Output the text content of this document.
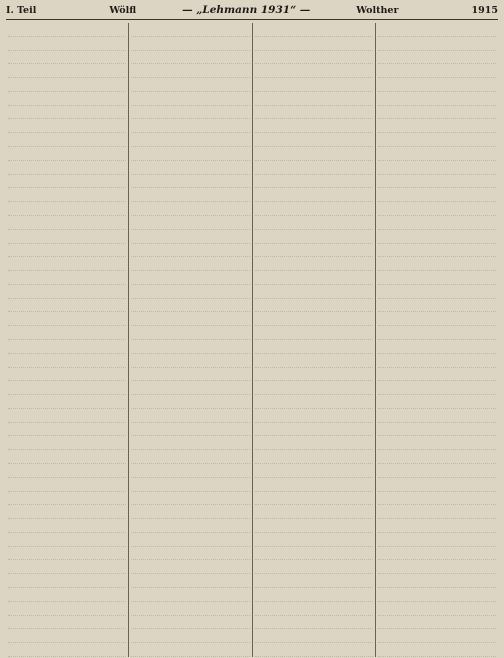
I. Teil	Wölfl	— „Lehmann 1931“ —	Wolther	1915
